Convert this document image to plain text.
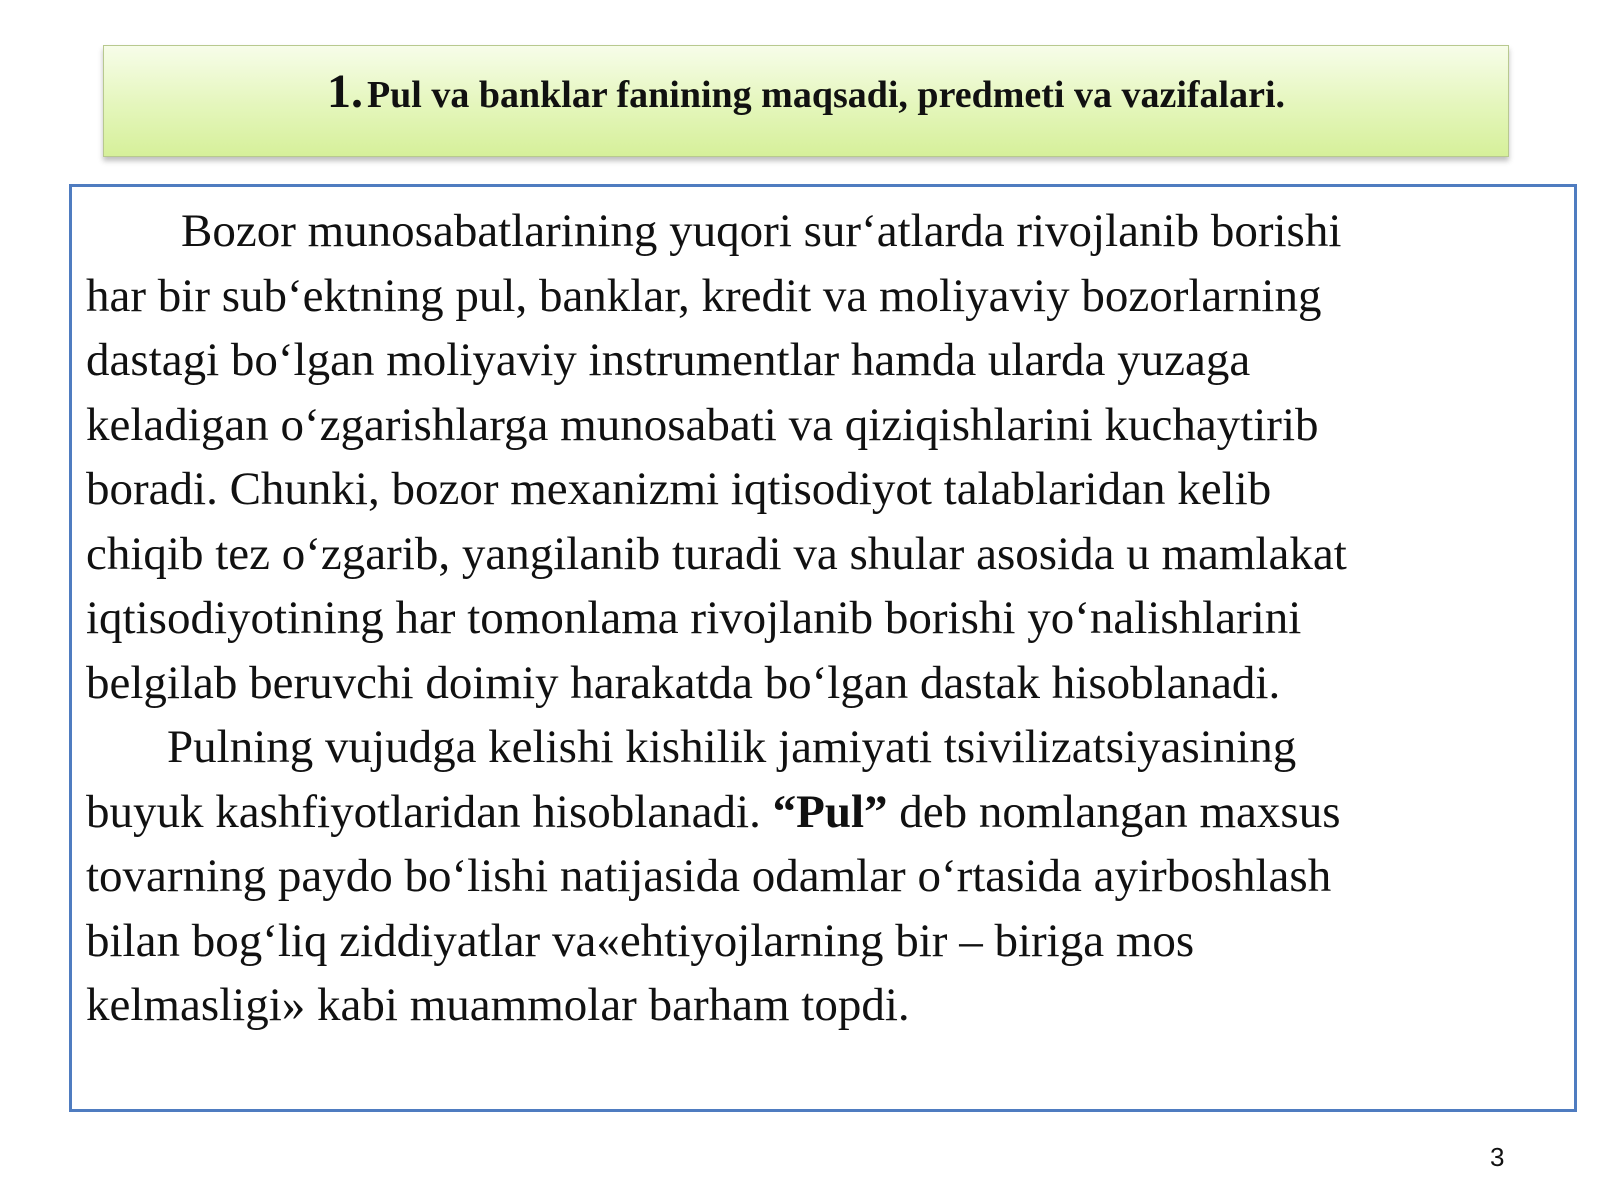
1. Pul va banklar fanining maqsadi, predmeti va vazifalari.
Bozor munosabatlarining yuqori sur‘atlarda rivojlanib borishi
har bir sub‘ektning pul, banklar, kredit va moliyaviy bozorlarning
dastagi bo‘lgan moliyaviy instrumentlar hamda ularda yuzaga
keladigan o‘zgarishlarga munosabati va qiziqishlarini kuchaytirib
boradi. Chunki, bozor mexanizmi iqtisodiyot talablaridan kelib
chiqib tez o‘zgarib, yangilanib turadi va shular asosida u mamlakat
iqtisodiyotining har tomonlama rivojlanib borishi yo‘nalishlarini
belgilab beruvchi doimiy harakatda bo‘lgan dastak hisoblanadi.
Pulning vujudga kelishi kishilik jamiyati tsivilizatsiyasining
buyuk kashfiyotlaridan hisoblanadi. “Pul” deb nomlangan maxsus
tovarning paydo bo‘lishi natijasida odamlar o‘rtasida ayirboshlash
bilan bog‘liq ziddiyatlar va«ehtiyojlarning bir – biriga mos
kelmasligi» kabi muammolar barham topdi.
3
